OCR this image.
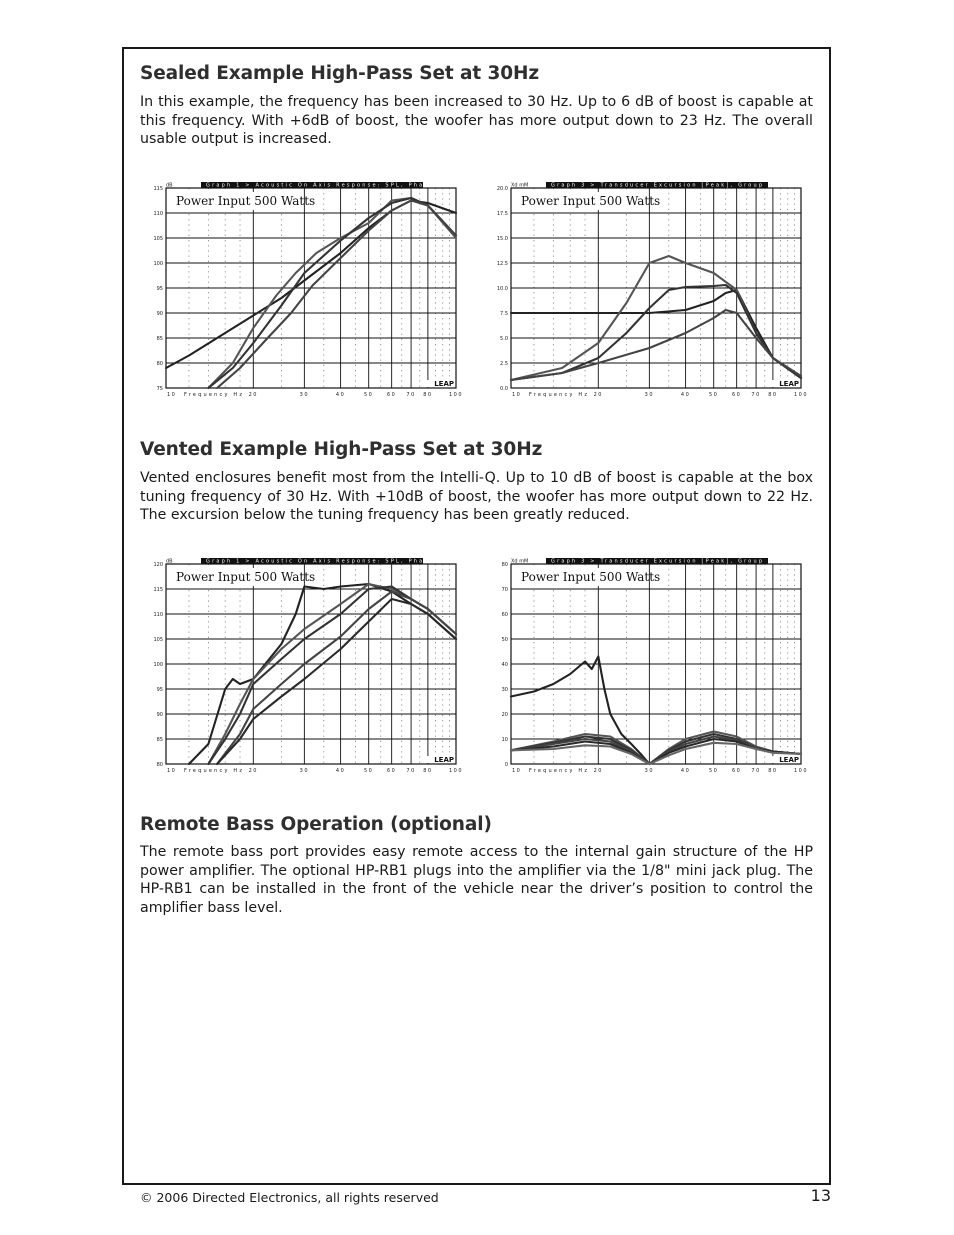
Sealed Example High-Pass Set at 30Hz

In this example, the frequency has been increased to 30 Hz. Up to 6 dB of boost is capable at this frequency. With +6dB of boost, the woofer has more output down to 23 Hz. The overall usable output is increased.

75
80
85
90
95
100
105
110
115
Graph 1 > Acoustic On Axis Response: SPL, Phase
dB
30	40	50	60 70 80	100
10 Frequency Hz 20
Power Input 500 Watts
LEAP
0.0
2.5
5.0
7.5
10.0
12.5
15.0
17.5
20.0
Graph 3 > Transducer Excursion [Peak], Group Delay
Xd mM
30	40	50	60 70 80	100
10 Frequency Hz 20
Power Input 500 Watts
LEAP
Vented Example High-Pass Set at 30Hz

Vented enclosures benefit most from the Intelli-Q. Up to 10 dB of boost is capable at the box tuning frequency of 30 Hz. With +10dB of boost, the woofer has more output down to 22 Hz. The excursion below the tuning frequency has been greatly reduced.

80
85
90
95
100
105
110
115
120
Graph 1 > Acoustic On Axis Response: SPL, Phase
dB
30	40	50	60 70 80	100
10 Frequency Hz 20
Power Input 500 Watts
LEAP
0
10
20
30
40
50
60
70
80
Graph 3 > Transducer Excursion [Peak], Group Delay
Xd mM
30	40	50	60 70 80	100
10 Frequency Hz 20
Power Input 500 Watts
LEAP
Remote Bass Operation (optional)

The remote bass port provides easy remote access to the internal gain structure of the HP power amplifier. The optional HP-RB1 plugs into the amplifier via the 1/8" mini jack plug. The HP-RB1 can be installed in the front of the vehicle near the driver’s position to control the amplifier bass level.

© 2006 Directed Electronics, all rights reserved	13
